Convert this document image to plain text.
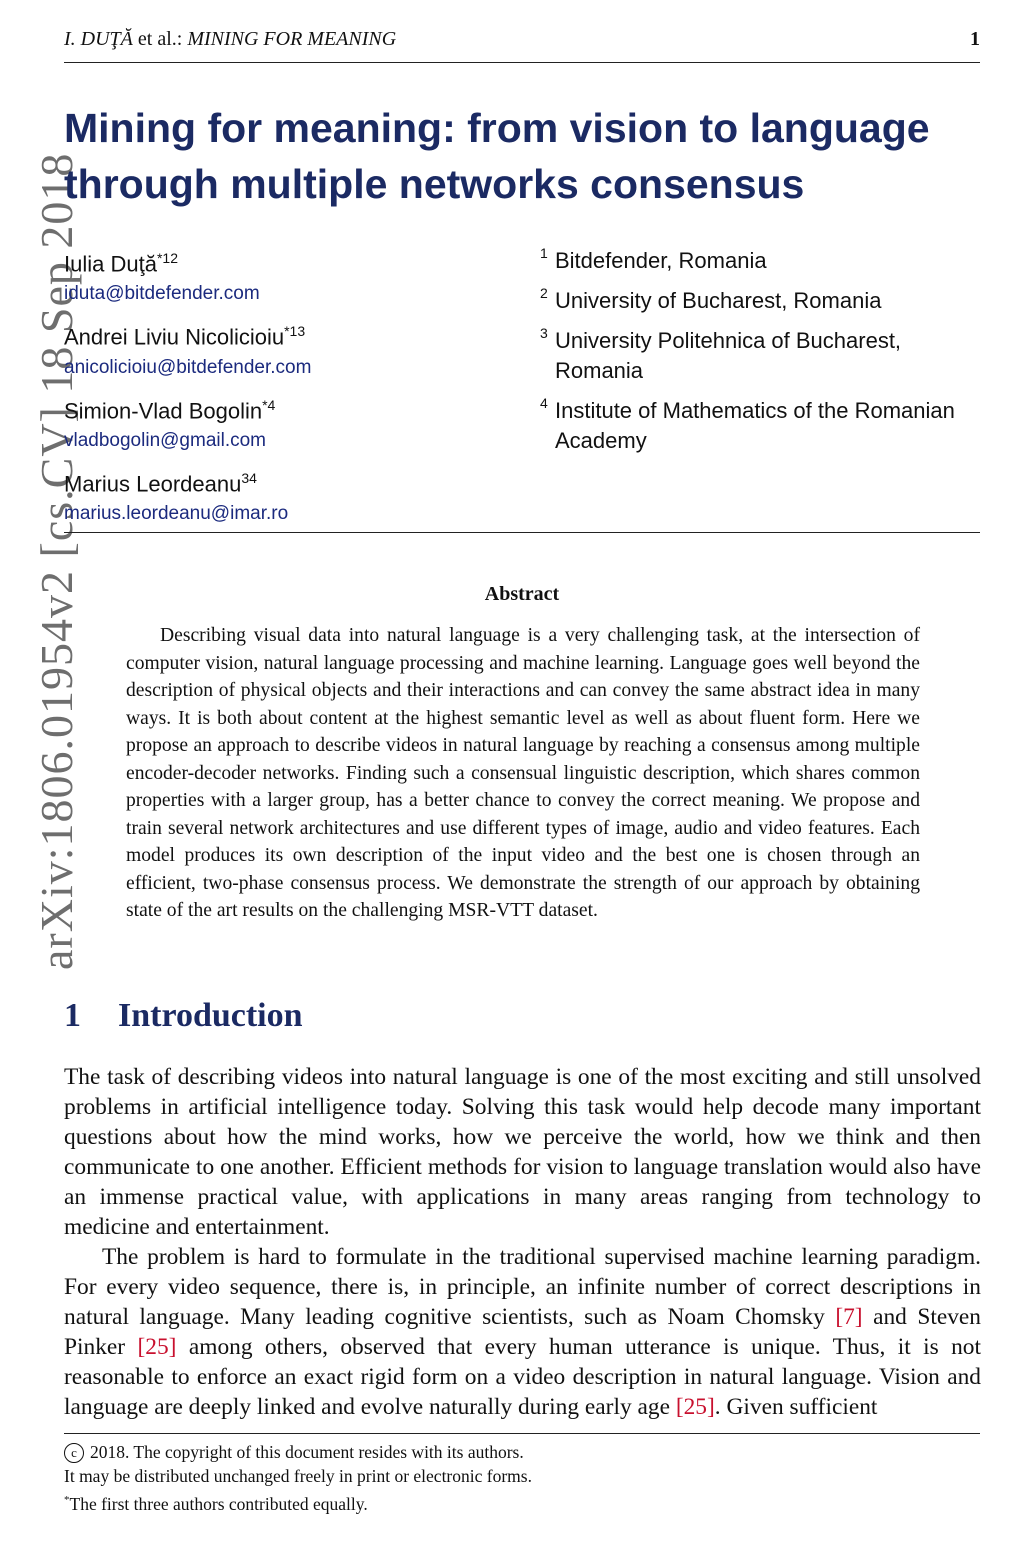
I. DUŢĂ et al.: MINING FOR MEANING	1
arXiv:1806.01954v2 [cs.CV] 18 Sep 2018
Mining for meaning: from vision to language through multiple networks consensus

Iulia Duţă$^{*12}$

iduta@bitdefender.com

Andrei Liviu Nicolicioiu$^{*13}$

anicolicioiu@bitdefender.com

Simion-Vlad Bogolin$^{*4}$

vladbogolin@gmail.com

Marius Leordeanu$^{34}$

marius.leordeanu@imar.ro
1 Bitdefender, Romania
2 University of Bucharest, Romania
3 University Politehnica of Bucharest, Romania
4 Institute of Mathematics of the Romanian Academy
Abstract

Describing visual data into natural language is a very challenging task, at the intersection of computer vision, natural language processing and machine learning. Language goes well beyond the description of physical objects and their interactions and can convey the same abstract idea in many ways. It is both about content at the highest semantic level as well as about fluent form. Here we propose an approach to describe videos in natural language by reaching a consensus among multiple encoder-decoder networks. Finding such a consensual linguistic description, which shares common properties with a larger group, has a better chance to convey the correct meaning. We propose and train several network architectures and use different types of image, audio and video features. Each model produces its own description of the input video and the best one is chosen through an efficient, two-phase consensus process. We demonstrate the strength of our approach by obtaining state of the art results on the challenging MSR-VTT dataset.

1 Introduction

The task of describing videos into natural language is one of the most exciting and still unsolved problems in artificial intelligence today. Solving this task would help decode many important questions about how the mind works, how we perceive the world, how we think and then communicate to one another. Efficient methods for vision to language translation would also have an immense practical value, with applications in many areas ranging from technology to medicine and entertainment.

The problem is hard to formulate in the traditional supervised machine learning paradigm. For every video sequence, there is, in principle, an infinite number of correct descriptions in natural language. Many leading cognitive scientists, such as Noam Chomsky [7] and Steven Pinker [25] among others, observed that every human utterance is unique. Thus, it is not reasonable to enforce an exact rigid form on a video description in natural language. Vision and language are deeply linked and evolve naturally during early age [25]. Given sufficient

c 2018. The copyright of this document resides with its authors.
It may be distributed unchanged freely in print or electronic forms.
*The first three authors contributed equally.
